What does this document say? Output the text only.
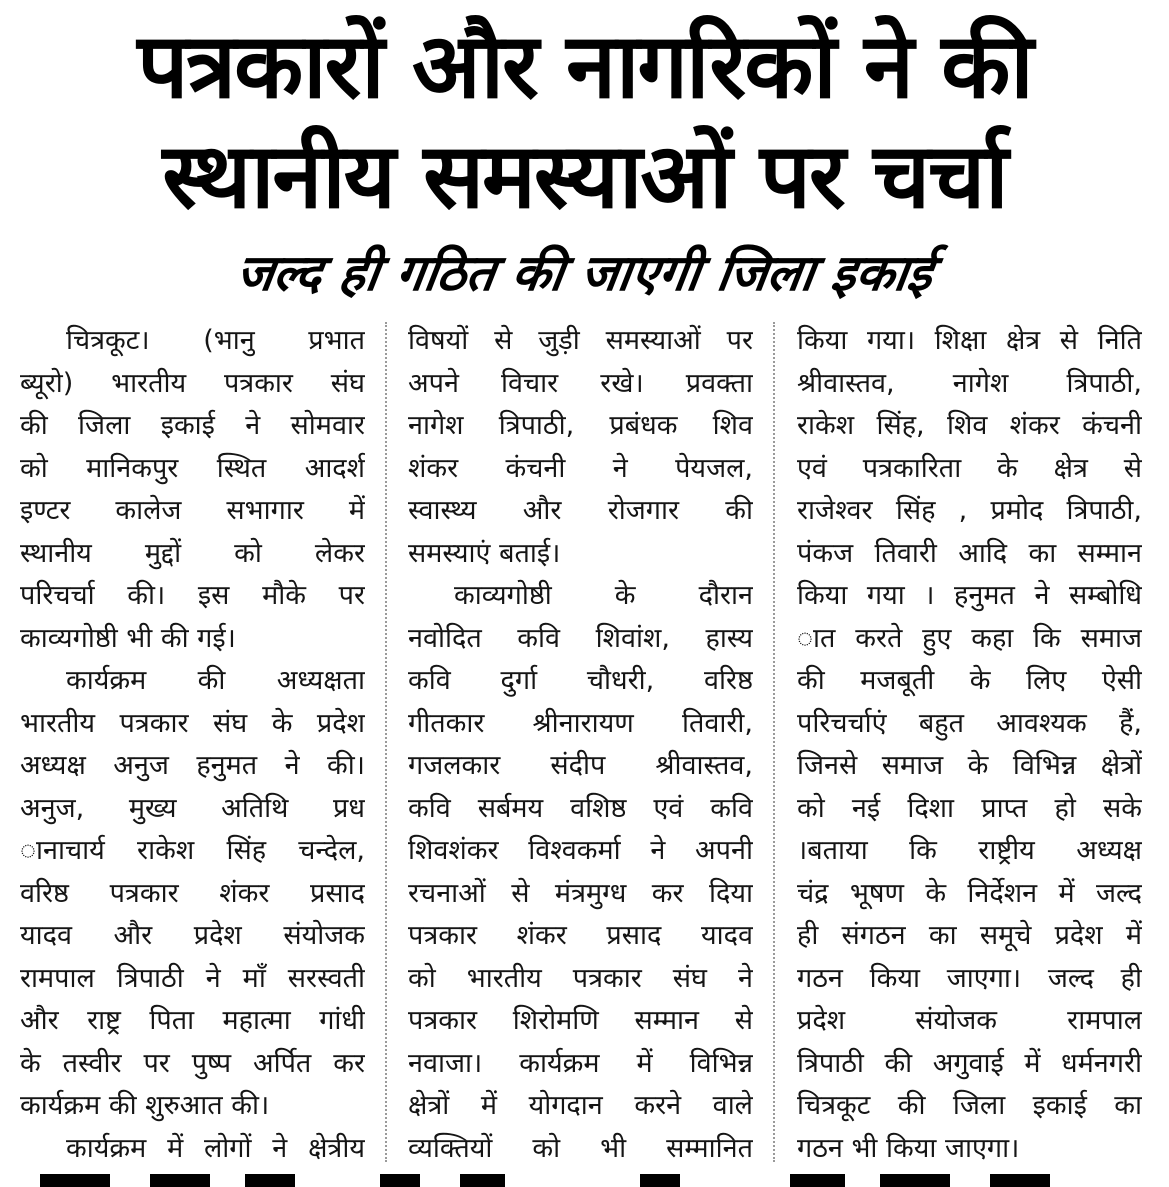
पत्रकारों और नागरिकों ने की
स्थानीय समस्याओं पर चर्चा
जल्द ही गठित की जाएगी जिला इकाई
चित्रकूट। (भानु प्रभात
ब्यूरो) भारतीय पत्रकार संघ
की जिला इकाई ने सोमवार
को मानिकपुर स्थित आदर्श
इण्टर कालेज सभागार में
स्थानीय मुद्दों को लेकर
परिचर्चा की। इस मौके पर
काव्यगोष्ठी भी की गई।
कार्यक्रम की अध्यक्षता
भारतीय पत्रकार संघ के प्रदेश
अध्यक्ष अनुज हनुमत ने की।
अनुज, मुख्य अतिथि प्रध
ानाचार्य राकेश सिंह चन्देल,
वरिष्ठ पत्रकार शंकर प्रसाद
यादव और प्रदेश संयोजक
रामपाल त्रिपाठी ने माँ सरस्वती
और राष्ट्र पिता महात्मा गांधी
के तस्वीर पर पुष्प अर्पित कर
कार्यक्रम की शुरुआत की।
कार्यक्रम में लोगों ने क्षेत्रीय
विषयों से जुड़ी समस्याओं पर
अपने विचार रखे। प्रवक्ता
नागेश त्रिपाठी, प्रबंधक शिव
शंकर कंचनी ने पेयजल,
स्वास्थ्य और रोजगार की
समस्याएं बताई।
काव्यगोष्ठी के दौरान
नवोदित कवि शिवांश, हास्य
कवि दुर्गा चौधरी, वरिष्ठ
गीतकार श्रीनारायण तिवारी,
गजलकार संदीप श्रीवास्तव,
कवि सर्बमय वशिष्ठ एवं कवि
शिवशंकर विश्वकर्मा ने अपनी
रचनाओं से मंत्रमुग्ध कर दिया
पत्रकार शंकर प्रसाद यादव
को भारतीय पत्रकार संघ ने
पत्रकार शिरोमणि सम्मान से
नवाजा। कार्यक्रम में विभिन्न
क्षेत्रों में योगदान करने वाले
व्यक्तियों को भी सम्मानित
किया गया। शिक्षा क्षेत्र से निति
श्रीवास्तव, नागेश त्रिपाठी,
राकेश सिंह, शिव शंकर कंचनी
एवं पत्रकारिता के क्षेत्र से
राजेश्वर सिंह , प्रमोद त्रिपाठी,
पंकज तिवारी आदि का सम्मान
किया गया । हनुमत ने सम्बोध‍ि
ात करते हुए कहा कि समाज
की मजबूती के लिए ऐसी
परिचर्चाएं बहुत आवश्यक हैं,
जिनसे समाज के विभिन्न क्षेत्रों
को नई दिशा प्राप्त हो सके
।बताया कि राष्ट्रीय अध्यक्ष
चंद्र भूषण के निर्देशन में जल्द
ही संगठन का समूचे प्रदेश में
गठन किया जाएगा। जल्द ही
प्रदेश संयोजक रामपाल
त्रिपाठी की अगुवाई में धर्मनगरी
चित्रकूट की जिला इकाई का
गठन भी किया जाएगा।
